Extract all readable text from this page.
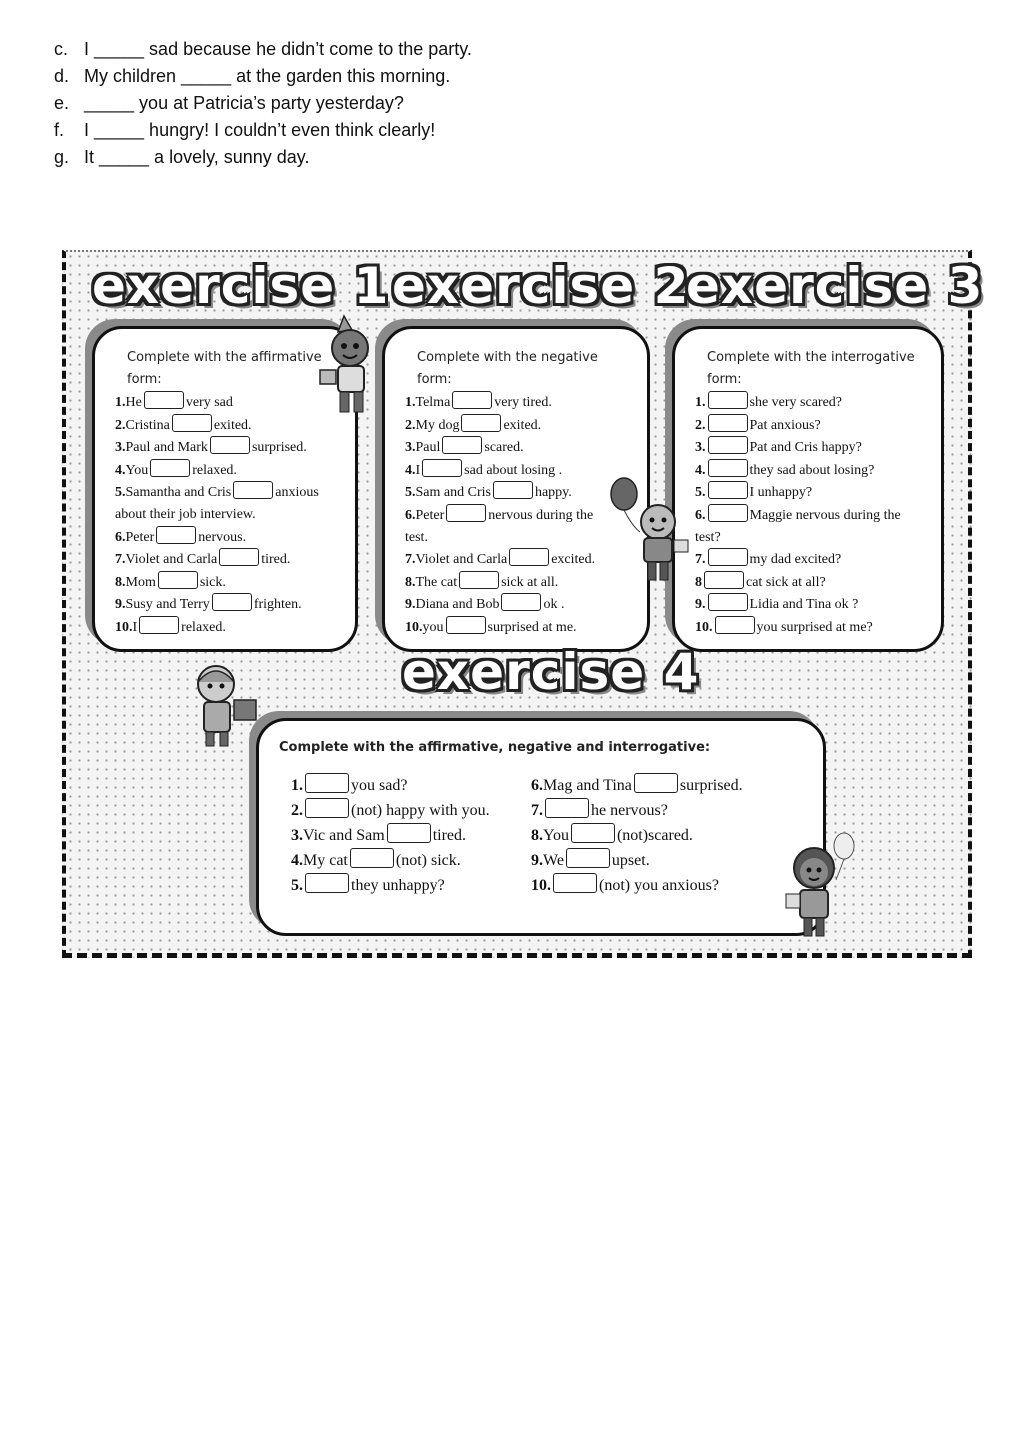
c. I _____ sad because he didn’t come to the party.
d. My children _____ at the garden this morning.
e. _____ you at Patricia’s party yesterday?
f. I _____ hungry! I couldn’t even think clearly!
g. It _____ a lovely, sunny day.
exercise 1 exercise 2
exercise 3
Complete with the affirmative form:
1.He	very sad
2.Cristina	exited.
3.Paul and Mark	surprised.
4.You	relaxed.
5.Samantha and Cris	anxious
about their job interview.
6.Peter	nervous.
7.Violet and Carla	tired.
8.Mom	sick.
9.Susy and Terry	frighten.
10.I	relaxed.
Complete with the negative form:
1.Telma	very tired.
2.My dog	exited.
3.Paul	scared.
4.I	sad about losing .
5.Sam and Cris	happy.
6.Peter	nervous during the
test.
7.Violet and Carla	excited.
8.The cat	sick at all.
9.Diana and Bob	ok .
10.you	surprised at me.
Complete with the interrogative form:
1.	she very scared?
2.	Pat anxious?
3.	Pat and Cris happy?
4.	they sad about losing?
5.	I unhappy?
6.	Maggie nervous during the
test?
7.	my dad excited?
8	cat sick at all?
9.	Lidia and Tina ok ?
10.	you surprised at me?
exercise 4
Complete with the affirmative, negative and interrogative:
1.	you sad?
2.	(not) happy with you.
3.Vic and Sam	tired.
4.My cat	(not) sick.
5.	they unhappy?
6.Mag and Tina	surprised.
7.	he nervous?
8.You	(not)scared.
9.We	upset.
10.	(not) you anxious?
